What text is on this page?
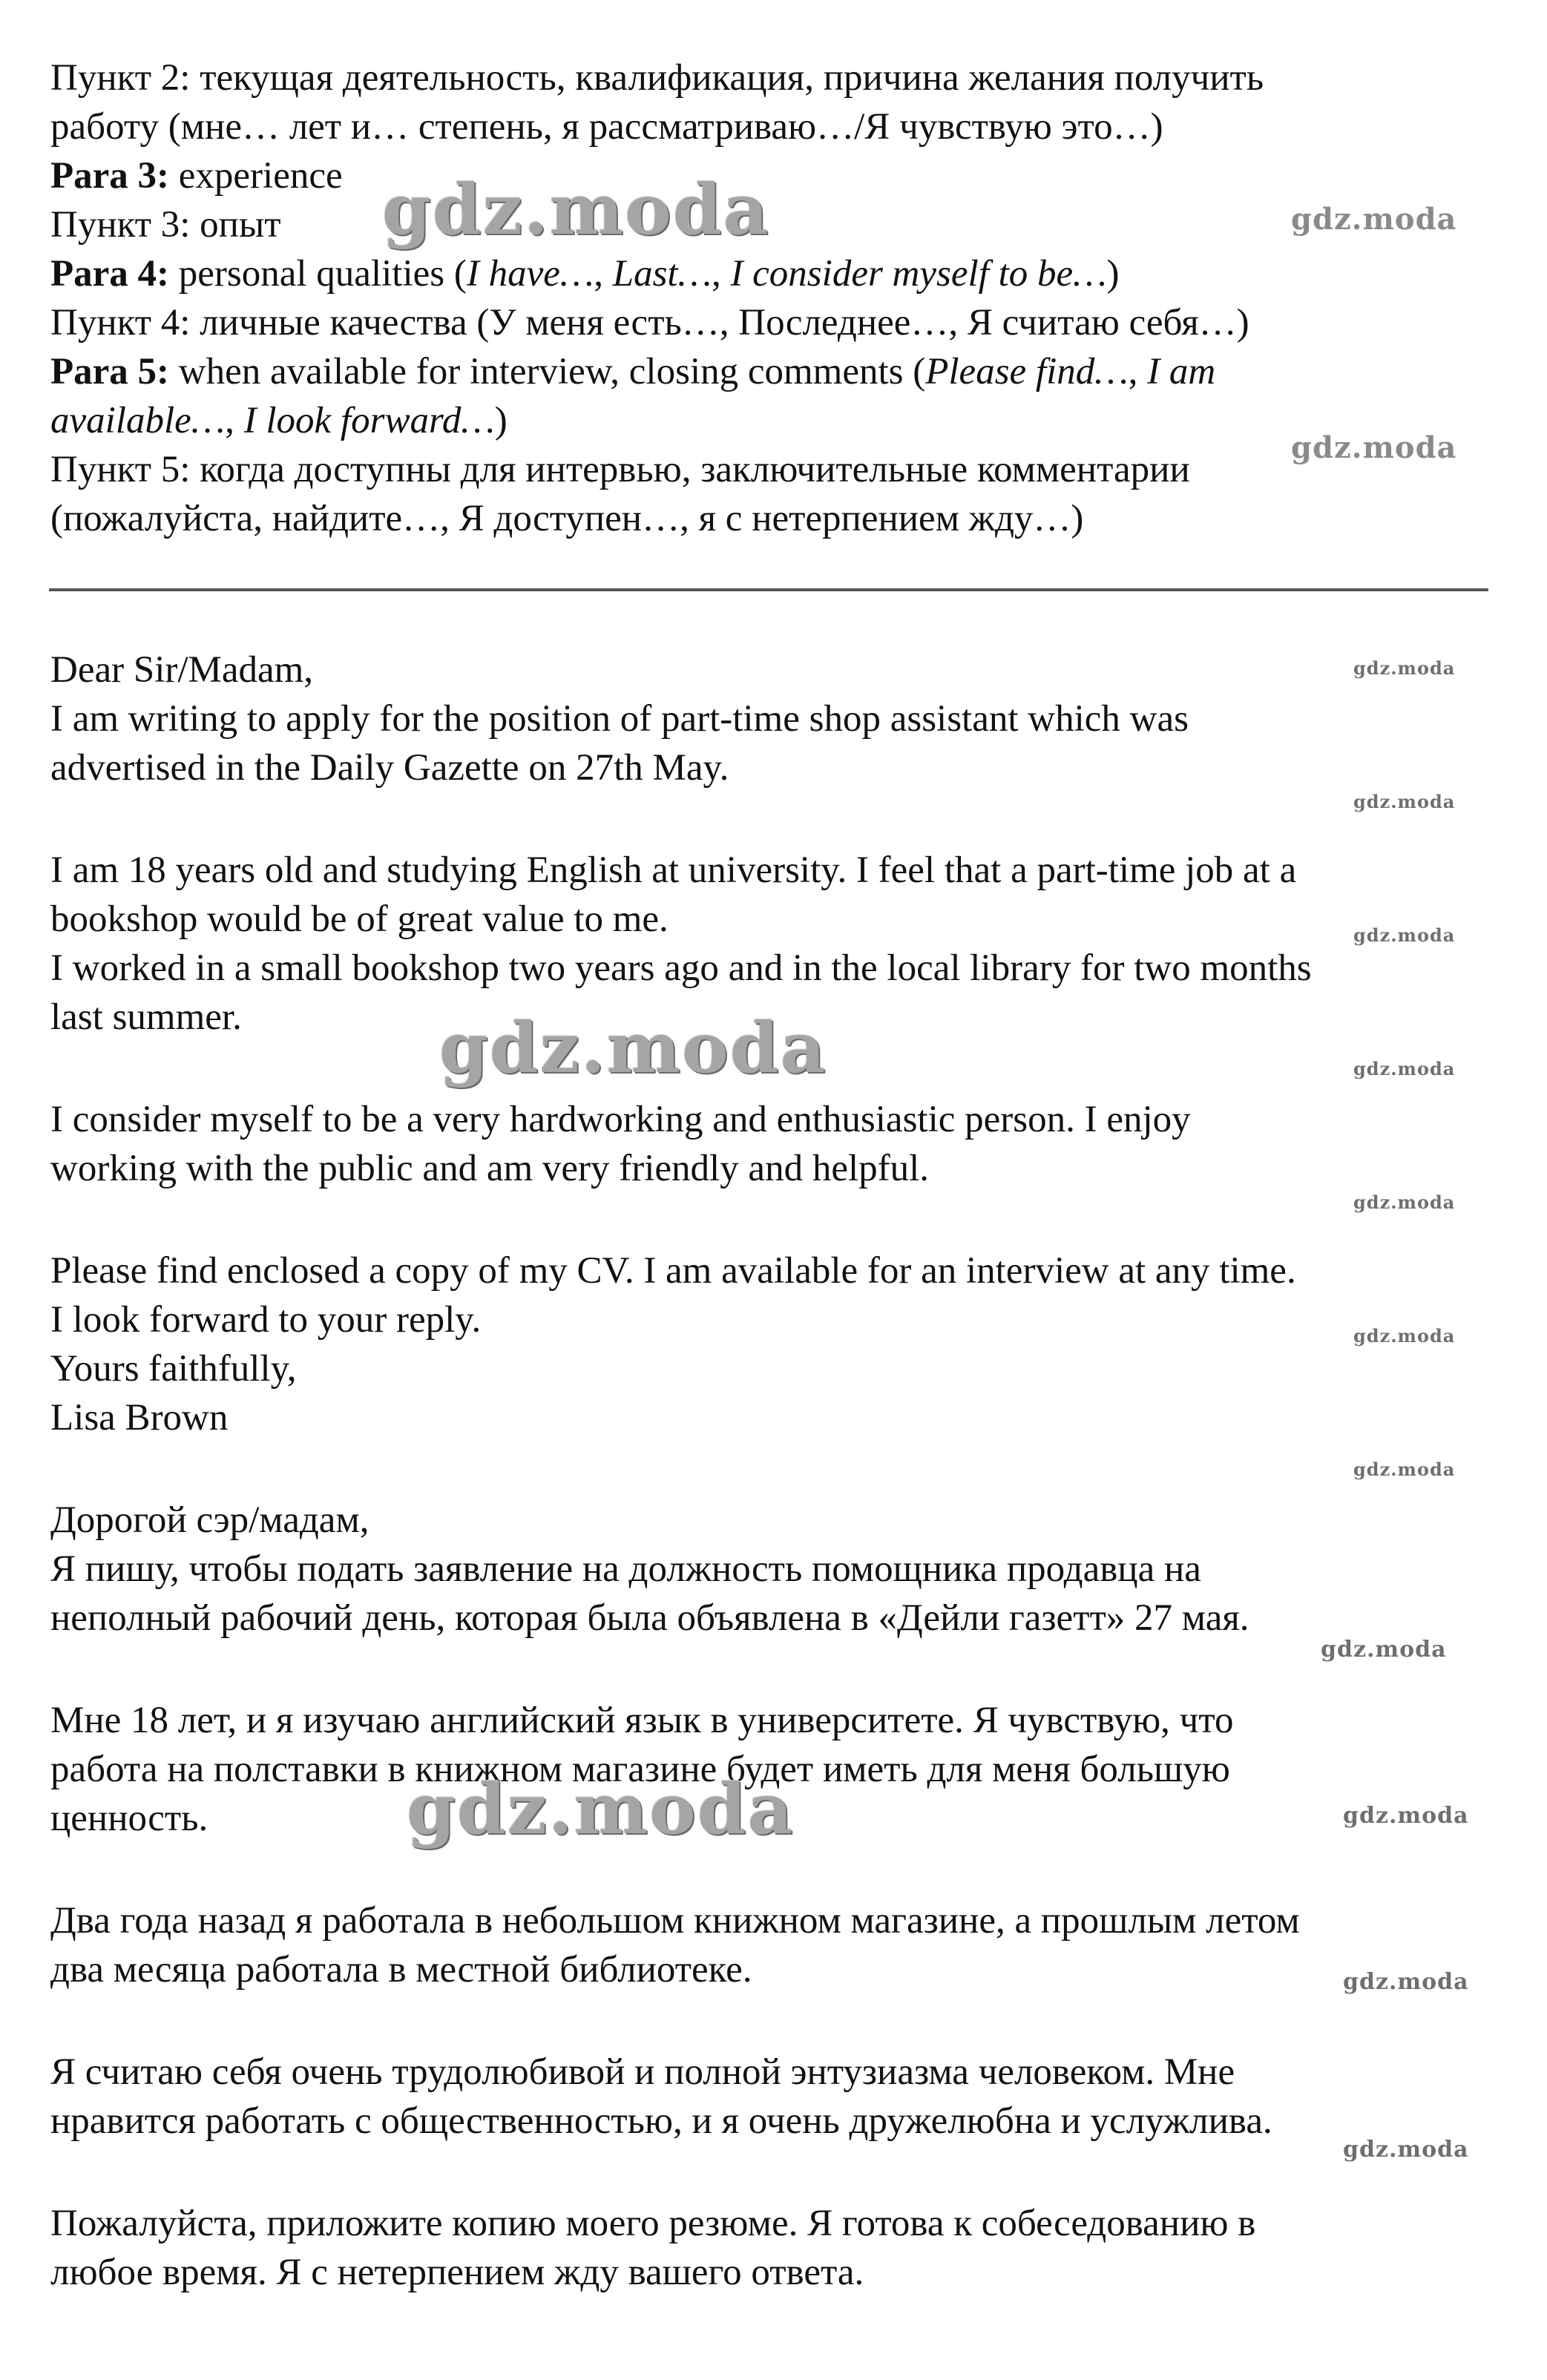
Пункт 2: текущая деятельность, квалификация, причина желания получить
работу (мне… лет и… степень, я рассматриваю…/Я чувствую это…)
Para 3: experience
Пункт 3: опыт
Para 4: personal qualities (I have…, Last…, I consider myself to be…)
Пункт 4: личные качества (У меня есть…, Последнее…, Я считаю себя…)
Para 5: when available for interview, closing comments (Please find…, I am
available…, I look forward…)
Пункт 5: когда доступны для интервью, заключительные комментарии
(пожалуйста, найдите…, Я доступен…, я с нетерпением жду…)
Dear Sir/Madam,
I am writing to apply for the position of part-time shop assistant which was
advertised in the Daily Gazette on 27th May.
I am 18 years old and studying English at university. I feel that a part-time job at a
bookshop would be of great value to me.
I worked in a small bookshop two years ago and in the local library for two months
last summer.
I consider myself to be a very hardworking and enthusiastic person. I enjoy
working with the public and am very friendly and helpful.
Please find enclosed a copy of my CV. I am available for an interview at any time.
I look forward to your reply.
Yours faithfully,
Lisa Brown
Дорогой сэр/мадам,
Я пишу, чтобы подать заявление на должность помощника продавца на
неполный рабочий день, которая была объявлена в «Дейли газетт» 27 мая.
Мне 18 лет, и я изучаю английский язык в университете. Я чувствую, что
работа на полставки в книжном магазине будет иметь для меня большую
ценность.
Два года назад я работала в небольшом книжном магазине, а прошлым летом
два месяца работала в местной библиотеке.
Я считаю себя очень трудолюбивой и полной энтузиазма человеком. Мне
нравится работать с общественностью, и я очень дружелюбна и услужлива.
Пожалуйста, приложите копию моего резюме. Я готова к собеседованию в
любое время. Я с нетерпением жду вашего ответа.
gdz.moda
gdz.moda
gdz.moda
gdz.moda
gdz.moda
gdz.moda
gdz.moda
gdz.moda
gdz.moda
gdz.moda
gdz.moda
gdz.moda
gdz.moda
gdz.moda
gdz.moda
gdz.moda
